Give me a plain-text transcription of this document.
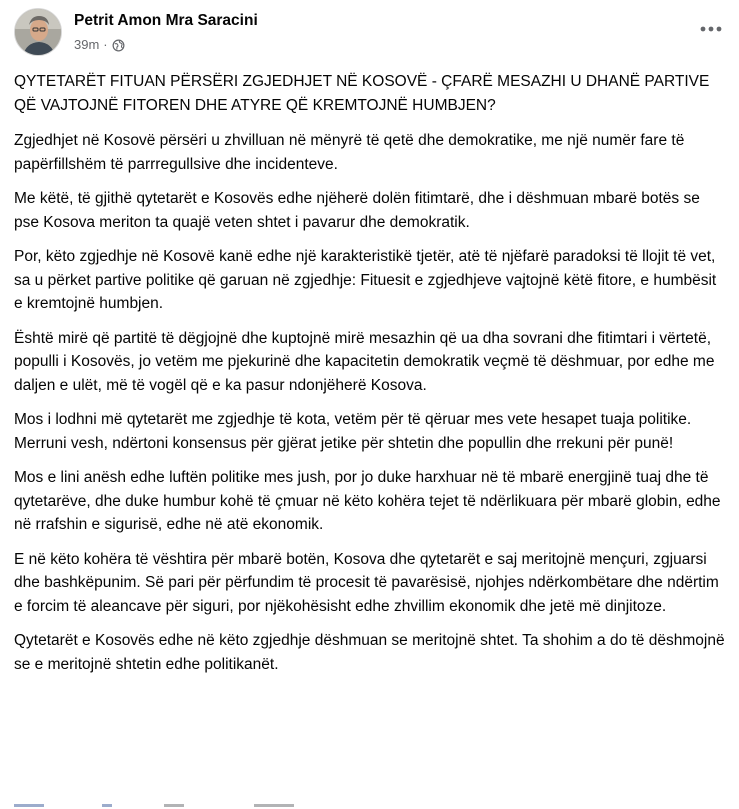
Petrit Amon Mra Saracini
39m ·

QYTETARËT FITUAN PËRSËRI ZGJEDHJET NË KOSOVË - ÇFARË MESAZHI U DHANË PARTIVE QË VAJTOJNË FITOREN DHE ATYRE QË KREMTOJNË HUMBJEN?

Zgjedhjet në Kosovë përsëri u zhvilluan në mënyrë të qetë dhe demokratike, me një numër fare të papërfillshëm të parrregullsive dhe incidenteve.

Me këtë, të gjithë qytetarët e Kosovës edhe njëherë dolën fitimtarë, dhe i dëshmuan mbarë botës se pse Kosova meriton ta quajë veten shtet i pavarur dhe demokratik.

Por, këto zgjedhje në Kosovë kanë edhe një karakteristikë tjetër, atë të njëfarë paradoksi të llojit të vet, sa u përket partive politike që garuan në zgjedhje: Fituesit e zgjedhjeve vajtojnë këtë fitore, e humbësit e kremtojnë humbjen.

Është mirë që partitë të dëgjojnë dhe kuptojnë mirë mesazhin që ua dha sovrani dhe fitimtari i vërtetë, populli i Kosovës, jo vetëm me pjekurinë dhe kapacitetin demokratik veçmë të dëshmuar, por edhe me daljen e ulët, më të vogël që e ka pasur ndonjëherë Kosova.

Mos i lodhni më qytetarët me zgjedhje të kota, vetëm për të qëruar mes vete hesapet tuaja politike. Merruni vesh, ndërtoni konsensus për gjërat jetike për shtetin dhe popullin dhe rrekuni për punë!

Mos e lini anësh edhe luftën politike mes jush, por jo duke harxhuar në të mbarë energjinë tuaj dhe të qytetarëve, dhe duke humbur kohë të çmuar në këto kohëra tejet të ndërlikuara për mbarë globin, edhe në rrafshin e sigurisë, edhe në atë ekonomik.

E në këto kohëra të vështira për mbarë botën, Kosova dhe qytetarët e saj meritojnë mençuri, zgjuarsi dhe bashkëpunim. Së pari për përfundim të procesit të pavarësisë, njohjes ndërkombëtare dhe ndërtim e forcim të aleancave për siguri, por njëkohësisht edhe zhvillim ekonomik dhe jetë më dinjitoze.

Qytetarët e Kosovës edhe në këto zgjedhje dëshmuan se meritojnë shtet. Ta shohim a do të dëshmojnë se e meritojnë shtetin edhe politikanët.
